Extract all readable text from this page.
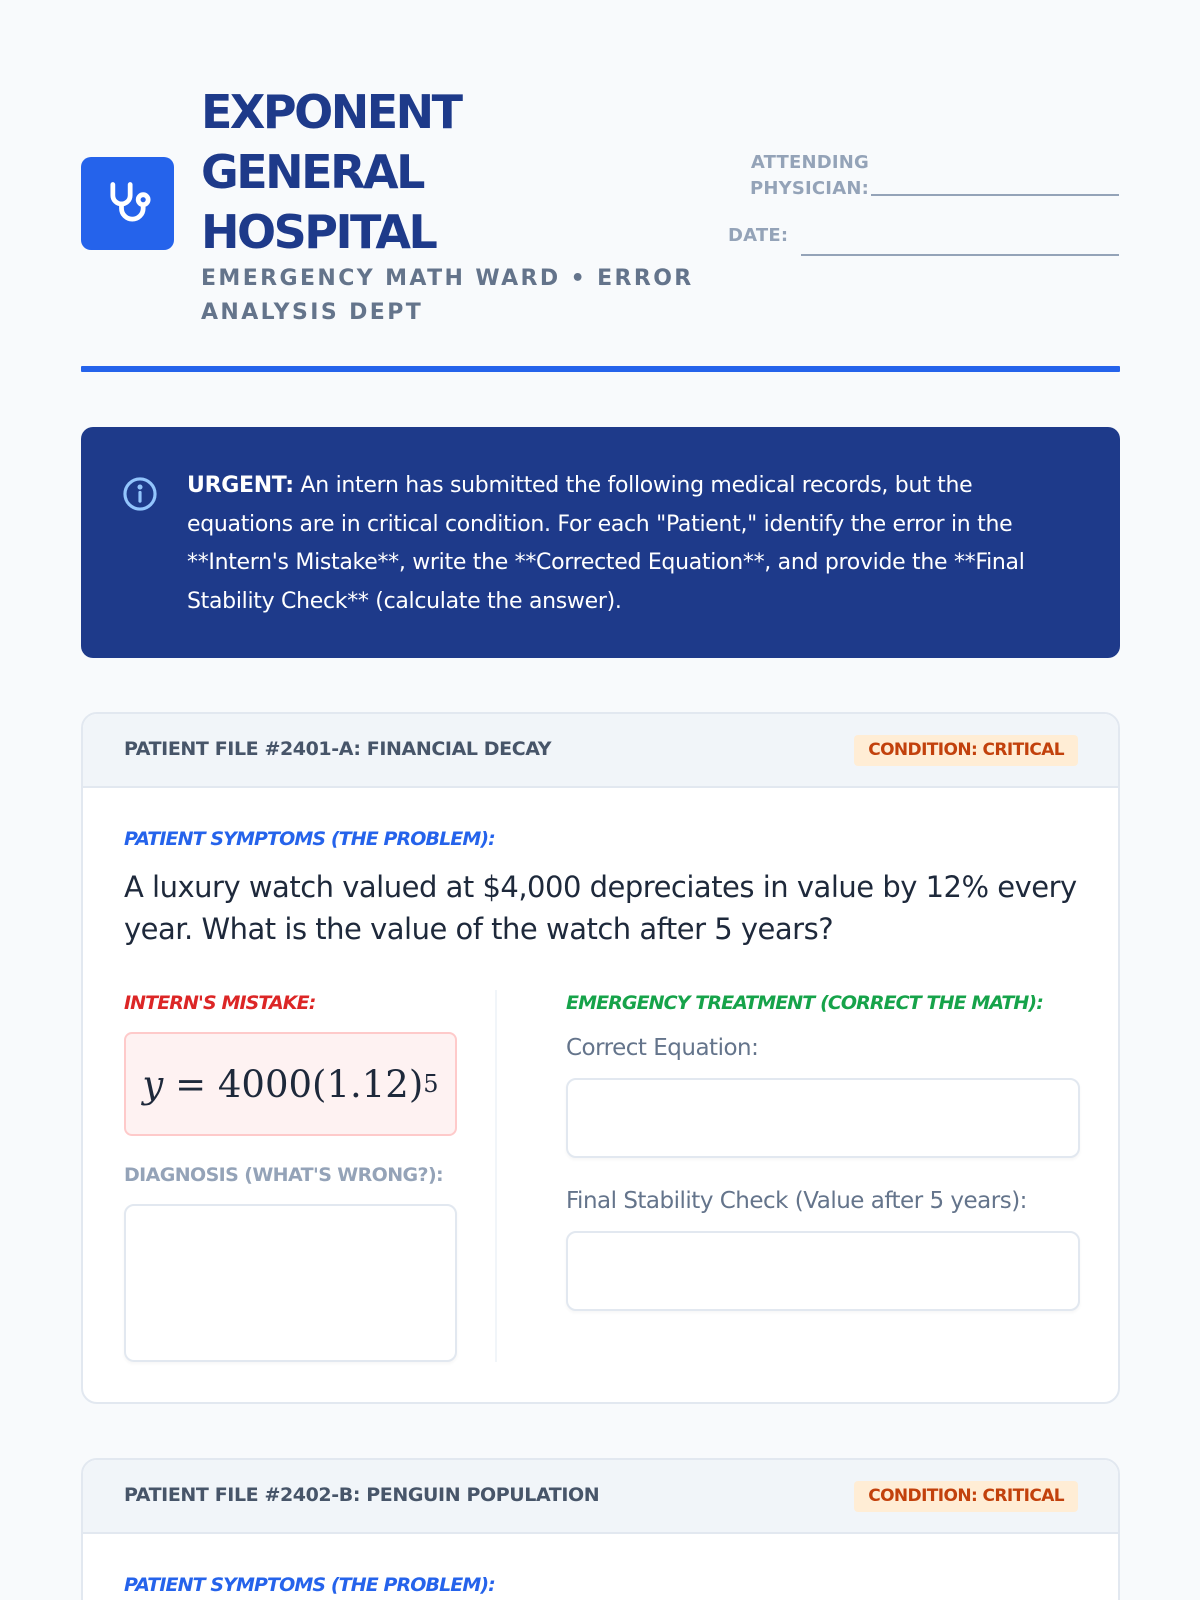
EXPONENT GENERAL HOSPITAL
EMERGENCY MATH WARD • ERROR ANALYSIS DEPT
ATTENDING PHYSICIAN:
DATE:
URGENT: An intern has submitted the following medical records, but the equations are in critical condition. For each "Patient," identify the error in the **Intern's Mistake**, write the **Corrected Equation**, and provide the **Final Stability Check** (calculate the answer).
PATIENT FILE #2401-A: FINANCIAL DECAY	CONDITION: CRITICAL
PATIENT SYMPTOMS (THE PROBLEM):
A luxury watch valued at $4,000 depreciates in value by 12% every year. What is the value of the watch after 5 years?
INTERN'S MISTAKE:
y = 4000(1.12) 5
DIAGNOSIS (WHAT'S WRONG?):
EMERGENCY TREATMENT (CORRECT THE MATH):
Correct Equation:
Final Stability Check (Value after 5 years):
PATIENT FILE #2402-B: PENGUIN POPULATION	CONDITION: CRITICAL
PATIENT SYMPTOMS (THE PROBLEM):
